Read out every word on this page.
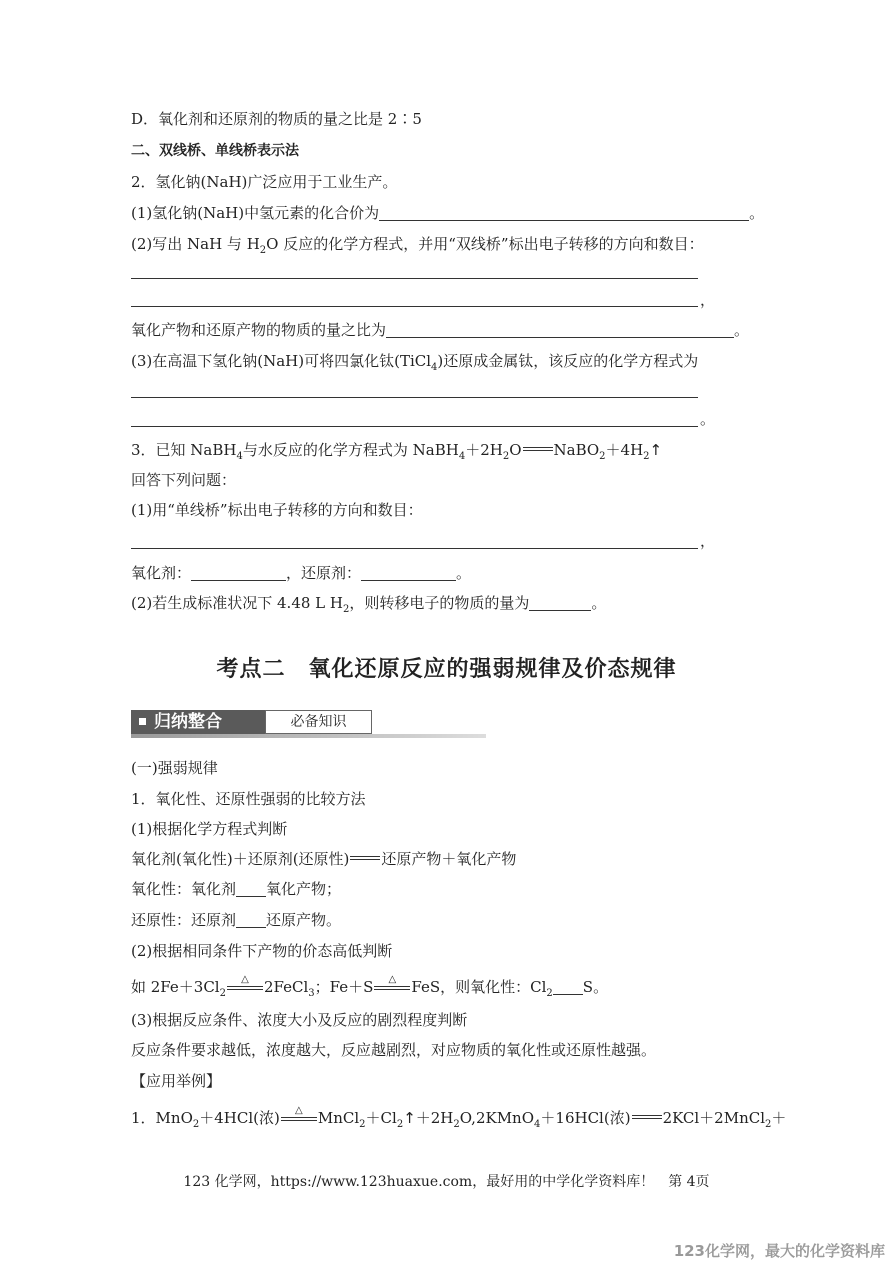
D．氧化剂和还原剂的物质的量之比是 2∶5
二、双线桥、单线桥表示法
2．氢化钠(NaH)广泛应用于工业生产。
(1)氢化钠(NaH)中氢元素的化合价为	。
(2)写出 NaH 与 $H_2O$ 反应的化学方程式，并用“双线桥”标出电子转移的方向和数目：
，
氧化产物和还原产物的物质的量之比为	。
(3)在高温下氢化钠(NaH)可将四氯化钛(TiCl$_4$)还原成金属钛，该反应的化学方程式为
。
3．已知 NaBH$_4$与水反应的化学方程式为 $NaBH_4+2H_2O$ $NaBO_2+4H_2↑$
回答下列问题：
(1)用“单线桥”标出电子转移的方向和数目：
，
氧化剂：	，还原剂：	。
(2)若生成标准状况下 4.48 L $H_2$，则转移电子的物质的量为	。
考点二　氧化还原反应的强弱规律及价态规律
归纳整合	必备知识
(一)强弱规律
1．氧化性、还原性强弱的比较方法
(1)根据化学方程式判断
氧化剂(氧化性)＋还原剂(还原性) 还原产物＋氧化产物
氧化性：氧化剂 氧化产物；
还原性：还原剂 还原产物。
(2)根据相同条件下产物的价态高低判断
如 $2Fe+3Cl_2$
△	2FeCl$_3$；Fe＋S	△	FeS，则氧化性：$Cl_2$ S。
(3)根据反应条件、浓度大小及反应的剧烈程度判断
反应条件要求越低，浓度越大，反应越剧烈，对应物质的氧化性或还原性越强。
【应用举例】
1．MnO$_2$＋4HCl(浓)	△	$MnCl_2+Cl_2↑+2H_2O,2KMnO_4+16HCl$(浓) 2KCl＋2MnCl$_2$＋
123 化学网，https://www.123huaxue.com，最好用的中学化学资料库！　第 4页
123化学网，最大的化学资料库
